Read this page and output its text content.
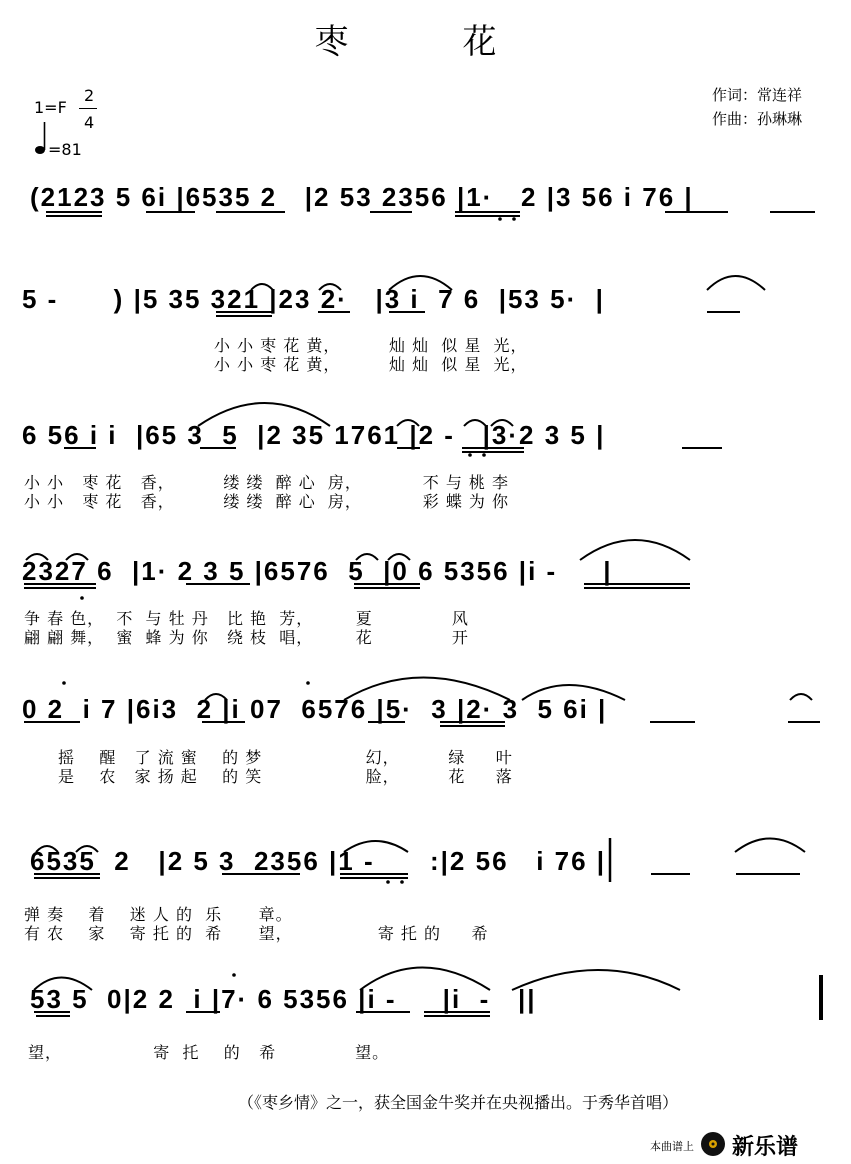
枣　花
1=F
2
4
=81
作词：常连祥
作曲：孙琳琳
(2123 5 6i |6535 2   |2 53 2356 |1·   2 |3 56 i 76 |
5 -      ) |5 35 321 |23 2·   |3 i  7 6  |53 5·  |
小 小 枣 花 黄，        灿 灿  似 星  光，
小 小 枣 花 黄，        灿 灿  似 星  光，
6 56 i i  |65 3  5  |2 35 1761 |2 -   |3·2 3 5 |
小 小   枣 花   香，        缕 缕  醉 心  房，          不 与 桃 李
小 小   枣 花   香，        缕 缕  醉 心  房，          彩 蝶 为 你
2327 6  |1· 2 3 5 |6576  5  |0 6 5356 |i -     |
争 春 色，  不  与 牡 丹   比 艳  芳，       夏             风
翩 翩 舞，  蜜  蜂 为 你   绕 枝  唱，       花             开
0 2  i 7 |6i3  2 |i 07  6576 |5·  3 |2· 3  5 6i |
摇    醒   了 流 蜜    的 梦                 幻，        绿     叶
是    农   家 扬 起    的 笑                 脸，        花     落
6535  2   |2 5 3  2356 |1 -      :|2 56   i 76 |
弹 奏    着    迷 人 的  乐      章。
有 农    家    寄 托 的  希      望，              寄 托 的     希
53 5  0|2 2  i |7· 6 5356 |i -     |i  -   ||
望，               寄  托    的   希             望。
（《枣乡情》之一，获全国金牛奖并在央视播出。于秀华首唱）
本曲谱上 新乐谱
